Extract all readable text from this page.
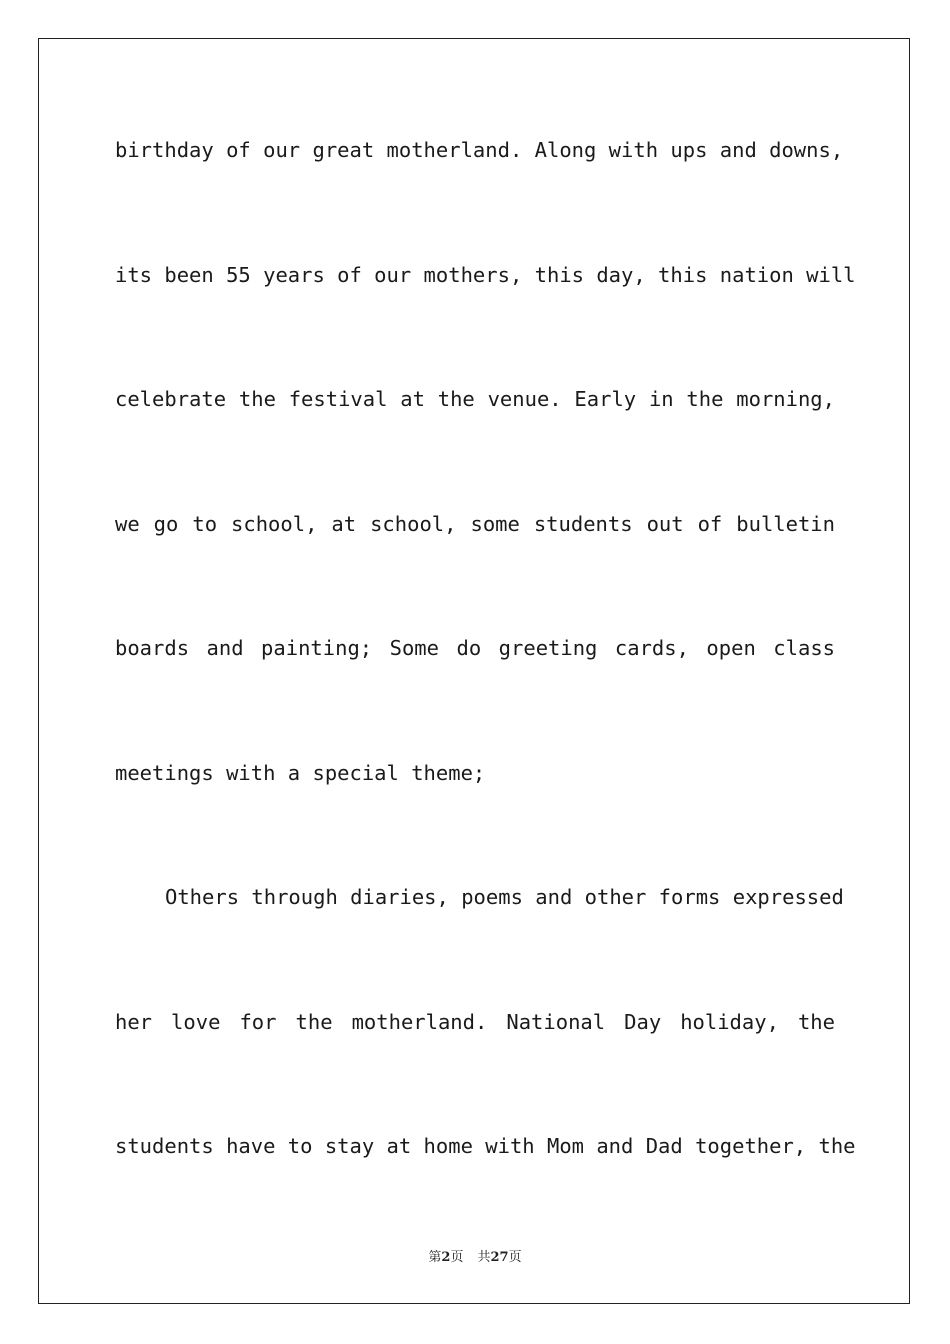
birthday of our great motherland. Along with ups and downs,
its been 55 years of our mothers, this day, this nation will
celebrate the festival at the venue. Early in the morning,
we go to school, at school, some students out of bulletin
boards and painting; Some do greeting cards, open class
meetings with a special theme;
Others through diaries, poems and other forms expressed
her love for the motherland. National Day holiday, the
students have to stay at home with Mom and Dad together, the
第2页 共27页
